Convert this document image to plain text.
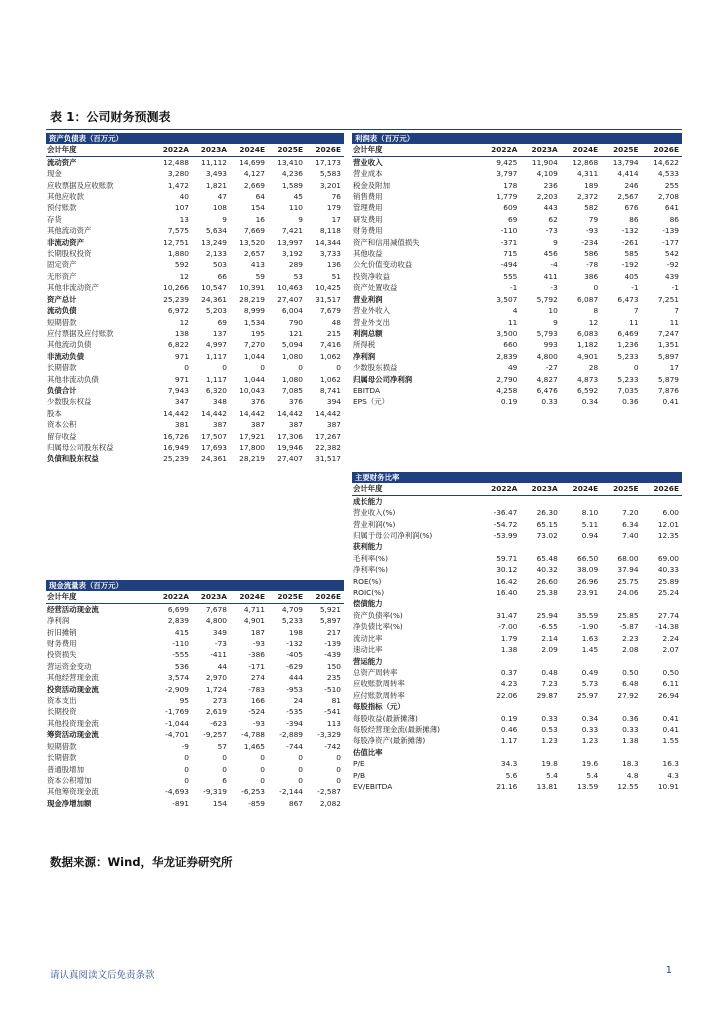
表 1：公司财务预测表
资产负债表（百万元）					
会计年度	2022A	2023A	2024E	2025E	2026E
流动资产	12,488	11,112	14,699	13,410	17,173
现金	3,280	3,493	4,127	4,236	5,583
应收票据及应收账款	1,472	1,821	2,669	1,589	3,201
其他应收款	40	47	64	45	76
预付账款	107	108	154	110	179
存货	13	9	16	9	17
其他流动资产	7,575	5,634	7,669	7,421	8,118
非流动资产	12,751	13,249	13,520	13,997	14,344
长期股权投资	1,880	2,133	2,657	3,192	3,733
固定资产	592	503	413	289	136
无形资产	12	66	59	53	51
其他非流动资产	10,266	10,547	10,391	10,463	10,425
资产总计	25,239	24,361	28,219	27,407	31,517
流动负债	6,972	5,203	8,999	6,004	7,679
短期借款	12	69	1,534	790	48
应付票据及应付账款	138	137	195	121	215
其他流动负债	6,822	4,997	7,270	5,094	7,416
非流动负债	971	1,117	1,044	1,080	1,062
长期借款	0	0	0	0	0
其他非流动负债	971	1,117	1,044	1,080	1,062
负债合计	7,943	6,320	10,043	7,085	8,741
少数股东权益	347	348	376	376	394
股本	14,442	14,442	14,442	14,442	14,442
资本公积	381	387	387	387	387
留存收益	16,726	17,507	17,921	17,306	17,267
归属母公司股东权益	16,949	17,693	17,800	19,946	22,382
负债和股东权益	25,239	24,361	28,219	27,407	31,517
利润表（百万元）					
会计年度	2022A	2023A	2024E	2025E	2026E
营业收入	9,425	11,904	12,868	13,794	14,622
营业成本	3,797	4,109	4,311	4,414	4,533
税金及附加	178	236	189	246	255
销售费用	1,779	2,203	2,372	2,567	2,708
管理费用	609	443	582	676	641
研发费用	69	62	79	86	86
财务费用	-110	-73	-93	-132	-139
资产和信用减值损失	-371	9	-234	-261	-177
其他收益	715	456	586	585	542
公允价值变动收益	-494	-4	-78	-192	-92
投资净收益	555	411	386	405	439
资产处置收益	-1	-3	0	-1	-1
营业利润	3,507	5,792	6,087	6,473	7,251
营业外收入	4	10	8	7	7
营业外支出	11	9	12	11	11
利润总额	3,500	5,793	6,083	6,469	7,247
所得税	660	993	1,182	1,236	1,351
净利润	2,839	4,800	4,901	5,233	5,897
少数股东损益	49	-27	28	0	17
归属母公司净利润	2,790	4,827	4,873	5,233	5,879
EBITDA	4,258	6,476	6,592	7,035	7,876
EPS（元）	0.19	0.33	0.34	0.36	0.41
主要财务比率					
会计年度	2022A	2023A	2024E	2025E	2026E
成长能力					
营业收入(%)	-36.47	26.30	8.10	7.20	6.00
营业利润(%)	-54.72	65.15	5.11	6.34	12.01
归属于母公司净利润(%)	-53.99	73.02	0.94	7.40	12.35
获利能力					
毛利率(%)	59.71	65.48	66.50	68.00	69.00
净利率(%)	30.12	40.32	38.09	37.94	40.33
ROE(%)	16.42	26.60	26.96	25.75	25.89
ROIC(%)	16.40	25.38	23.91	24.06	25.24
偿债能力					
资产负债率(%)	31.47	25.94	35.59	25.85	27.74
净负债比率(%)	-7.00	-6.55	-1.90	-5.87	-14.38
流动比率	1.79	2.14	1.63	2.23	2.24
速动比率	1.38	2.09	1.45	2.08	2.07
营运能力					
总资产周转率	0.37	0.48	0.49	0.50	0.50
应收账款周转率	4.23	7.23	5.73	6.48	6.11
应付账款周转率	22.06	29.87	25.97	27.92	26.94
每股指标（元）					
每股收益(最新摊薄)	0.19	0.33	0.34	0.36	0.41
每股经营现金流(最新摊薄)	0.46	0.53	0.33	0.33	0.41
每股净资产(最新摊薄)	1.17	1.23	1.23	1.38	1.55
估值比率					
P/E	34.3	19.8	19.6	18.3	16.3
P/B	5.6	5.4	5.4	4.8	4.3
EV/EBITDA	21.16	13.81	13.59	12.55	10.91
现金流量表（百万元）					
会计年度	2022A	2023A	2024E	2025E	2026E
经营活动现金流	6,699	7,678	4,711	4,709	5,921
净利润	2,839	4,800	4,901	5,233	5,897
折旧摊销	415	349	187	198	217
财务费用	-110	-73	-93	-132	-139
投资损失	-555	-411	-386	-405	-439
营运资金变动	536	44	-171	-629	150
其他经营现金流	3,574	2,970	274	444	235
投资活动现金流	-2,909	1,724	-783	-953	-510
资本支出	95	273	166	24	81
长期投资	-1,769	2,619	-524	-535	-541
其他投资现金流	-1,044	-623	-93	-394	113
筹资活动现金流	-4,701	-9,257	-4,788	-2,889	-3,329
短期借款	-9	57	1,465	-744	-742
长期借款	0	0	0	0	0
普通股增加	0	0	0	0	0
资本公积增加	0	6	0	0	0
其他筹资现金流	-4,693	-9,319	-6,253	-2,144	-2,587
现金净增加额	-891	154	-859	867	2,082
数据来源：Wind，华龙证券研究所
请认真阅读文后免责条款	1
